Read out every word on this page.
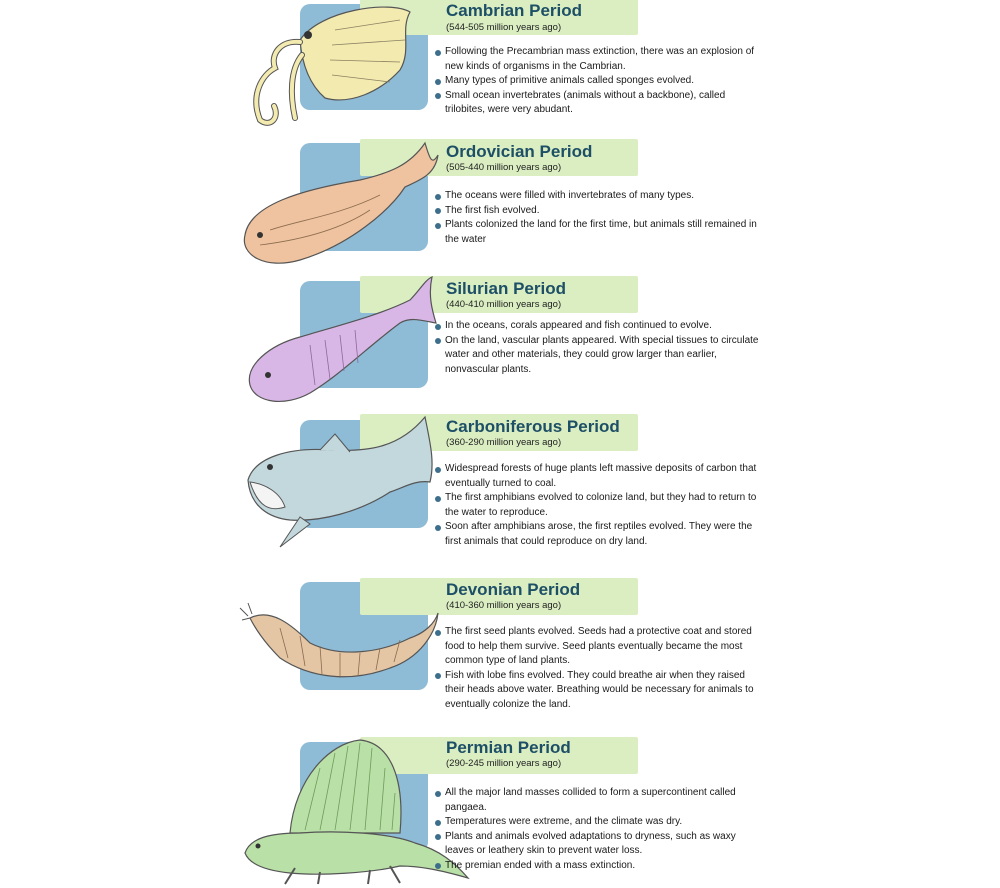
Cambrian Period
(544-505 million years ago)
Following the Precambrian mass extinction, there was an explosion of new kinds of organisms in the Cambrian.
Many types of primitive animals called sponges evolved.
Small ocean invertebrates (animals without a backbone), called trilobites, were very abudant.
Ordovician Period
(505-440 million years ago)
The oceans were filled with invertebrates of many types.
The first fish evolved.
Plants colonized the land for the first time, but animals still remained in the water
Silurian Period
(440-410 million years ago)
In the oceans, corals appeared and fish continued to evolve.
On the land, vascular plants appeared. With special tissues to circulate water and other materials, they could grow larger than earlier, nonvascular plants.
Carboniferous Period
(360-290 million years ago)
Widespread forests of huge plants left massive deposits of carbon that eventually turned to coal.
The first amphibians evolved to colonize land, but they had to return to the water to reproduce.
Soon after amphibians arose, the first reptiles evolved. They were the first animals that could reproduce on dry land.
Devonian Period
(410-360 million years ago)
The first seed plants evolved. Seeds had a protective coat and stored food to help them survive. Seed plants eventually became the most common type of land plants.
Fish with lobe fins evolved. They could breathe air when they raised their heads above water. Breathing would be necessary for animals to eventually colonize the land.
Permian Period
(290-245 million years ago)
All the major land masses collided to form a supercontinent called pangaea.
Temperatures were extreme, and the climate was dry.
Plants and animals evolved adaptations to dryness, such as waxy leaves or leathery skin to prevent water loss.
The premian ended with a mass extinction.
